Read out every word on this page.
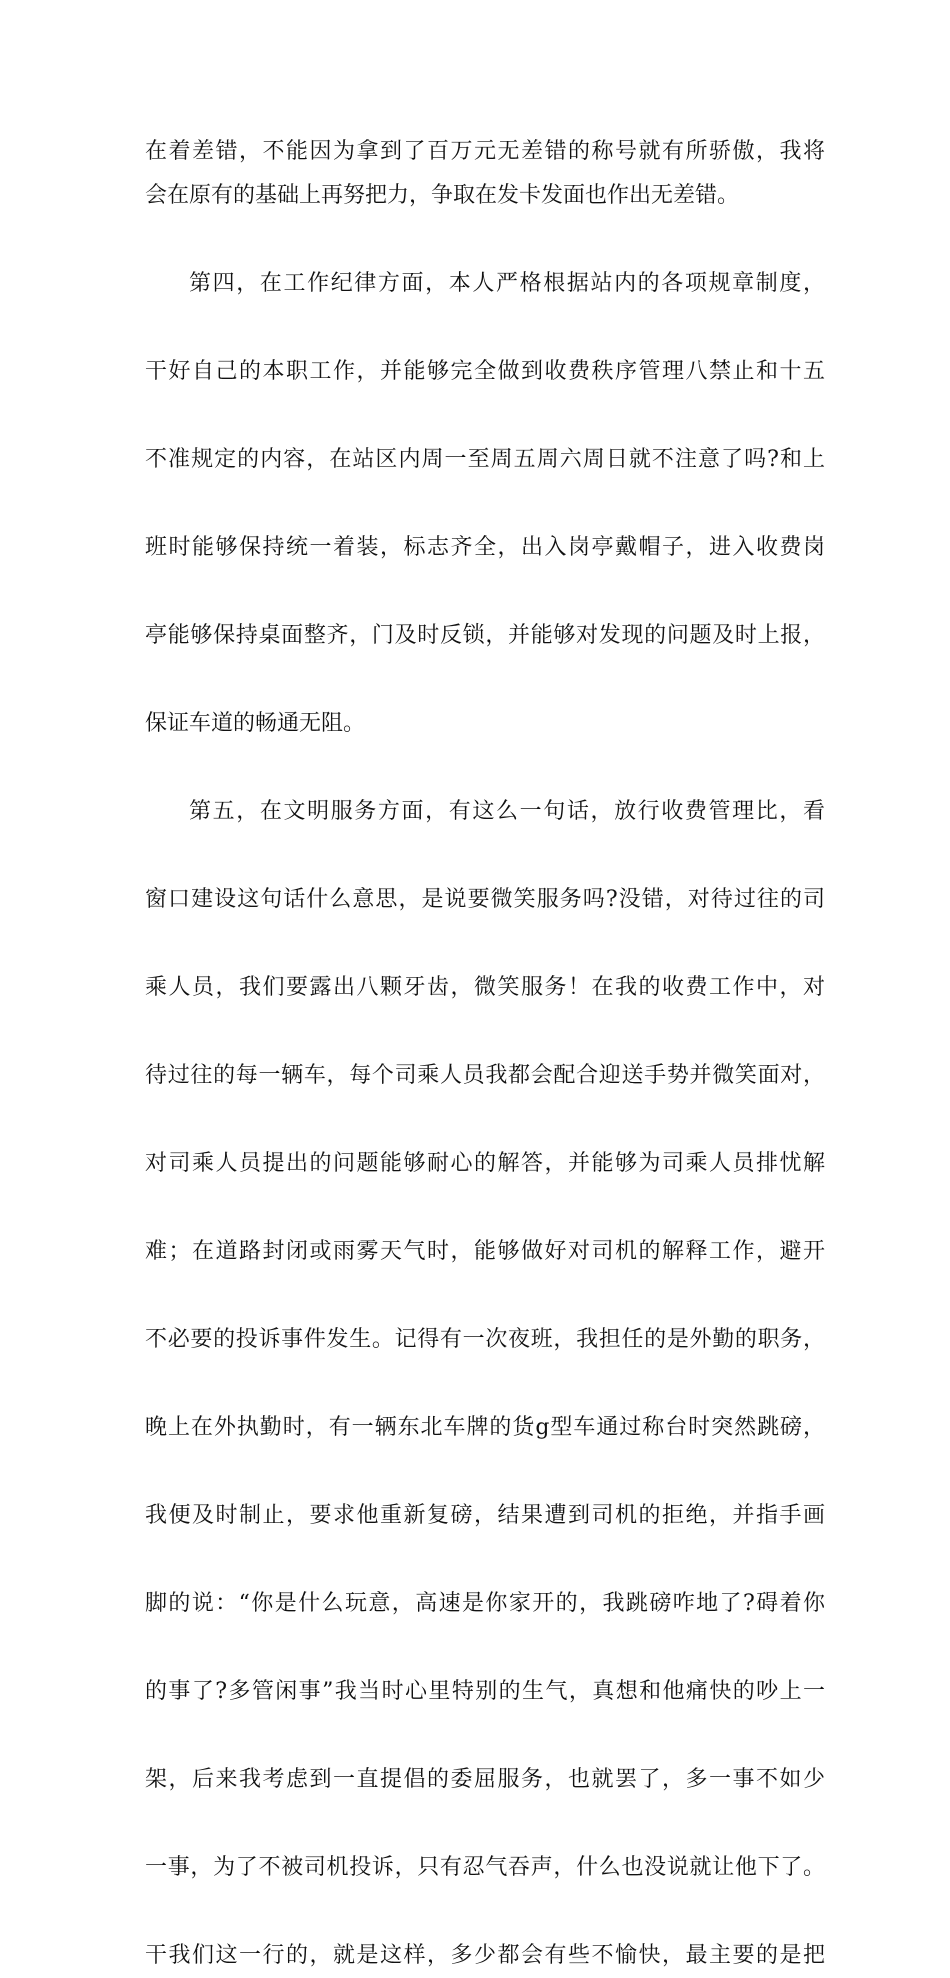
在着差错，不能因为拿到了百万元无差错的称号就有所骄傲，我将
会在原有的基础上再努把力，争取在发卡发面也作出无差错。
第四，在工作纪律方面，本人严格根据站内的各项规章制度，
干好自己的本职工作，并能够完全做到收费秩序管理八禁止和十五
不准规定的内容，在站区内周一至周五周六周日就不注意了吗?和上
班时能够保持统一着装，标志齐全，出入岗亭戴帽子，进入收费岗
亭能够保持桌面整齐，门及时反锁，并能够对发现的问题及时上报，
保证车道的畅通无阻。
第五，在文明服务方面，有这么一句话，放行收费管理比，看
窗口建设这句话什么意思，是说要微笑服务吗?没错，对待过往的司
乘人员，我们要露出八颗牙齿，微笑服务！在我的收费工作中，对
待过往的每一辆车，每个司乘人员我都会配合迎送手势并微笑面对，
对司乘人员提出的问题能够耐心的解答，并能够为司乘人员排忧解
难；在道路封闭或雨雾天气时，能够做好对司机的解释工作，避开
不必要的投诉事件发生。记得有一次夜班，我担任的是外勤的职务，
晚上在外执勤时，有一辆东北车牌的货g型车通过称台时突然跳磅，
我便及时制止，要求他重新复磅，结果遭到司机的拒绝，并指手画
脚的说：“你是什么玩意，高速是你家开的，我跳磅咋地了?碍着你
的事了?多管闲事”我当时心里特别的生气，真想和他痛快的吵上一
架，后来我考虑到一直提倡的委屈服务，也就罢了，多一事不如少
一事，为了不被司机投诉，只有忍气吞声，什么也没说就让他下了。
干我们这一行的，就是这样，多少都会有些不愉快，最主要的是把
